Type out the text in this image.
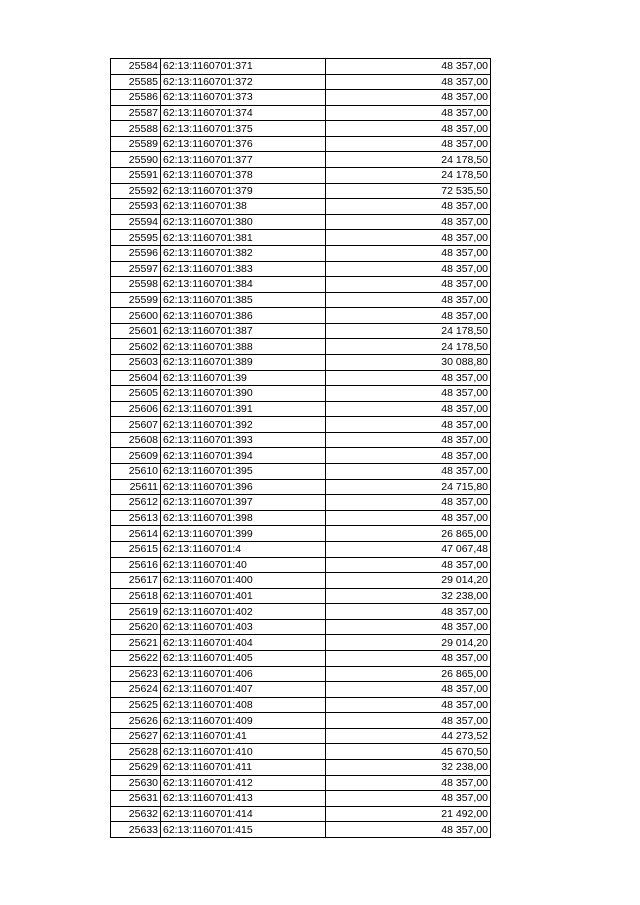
25584	62:13:1160701:371	48 357,00
25585	62:13:1160701:372	48 357,00
25586	62:13:1160701:373	48 357,00
25587	62:13:1160701:374	48 357,00
25588	62:13:1160701:375	48 357,00
25589	62:13:1160701:376	48 357,00
25590	62:13:1160701:377	24 178,50
25591	62:13:1160701:378	24 178,50
25592	62:13:1160701:379	72 535,50
25593	62:13:1160701:38	48 357,00
25594	62:13:1160701:380	48 357,00
25595	62:13:1160701:381	48 357,00
25596	62:13:1160701:382	48 357,00
25597	62:13:1160701:383	48 357,00
25598	62:13:1160701:384	48 357,00
25599	62:13:1160701:385	48 357,00
25600	62:13:1160701:386	48 357,00
25601	62:13:1160701:387	24 178,50
25602	62:13:1160701:388	24 178,50
25603	62:13:1160701:389	30 088,80
25604	62:13:1160701:39	48 357,00
25605	62:13:1160701:390	48 357,00
25606	62:13:1160701:391	48 357,00
25607	62:13:1160701:392	48 357,00
25608	62:13:1160701:393	48 357,00
25609	62:13:1160701:394	48 357,00
25610	62:13:1160701:395	48 357,00
25611	62:13:1160701:396	24 715,80
25612	62:13:1160701:397	48 357,00
25613	62:13:1160701:398	48 357,00
25614	62:13:1160701:399	26 865,00
25615	62:13:1160701:4	47 067,48
25616	62:13:1160701:40	48 357,00
25617	62:13:1160701:400	29 014,20
25618	62:13:1160701:401	32 238,00
25619	62:13:1160701:402	48 357,00
25620	62:13:1160701:403	48 357,00
25621	62:13:1160701:404	29 014,20
25622	62:13:1160701:405	48 357,00
25623	62:13:1160701:406	26 865,00
25624	62:13:1160701:407	48 357,00
25625	62:13:1160701:408	48 357,00
25626	62:13:1160701:409	48 357,00
25627	62:13:1160701:41	44 273,52
25628	62:13:1160701:410	45 670,50
25629	62:13:1160701:411	32 238,00
25630	62:13:1160701:412	48 357,00
25631	62:13:1160701:413	48 357,00
25632	62:13:1160701:414	21 492,00
25633	62:13:1160701:415	48 357,00
